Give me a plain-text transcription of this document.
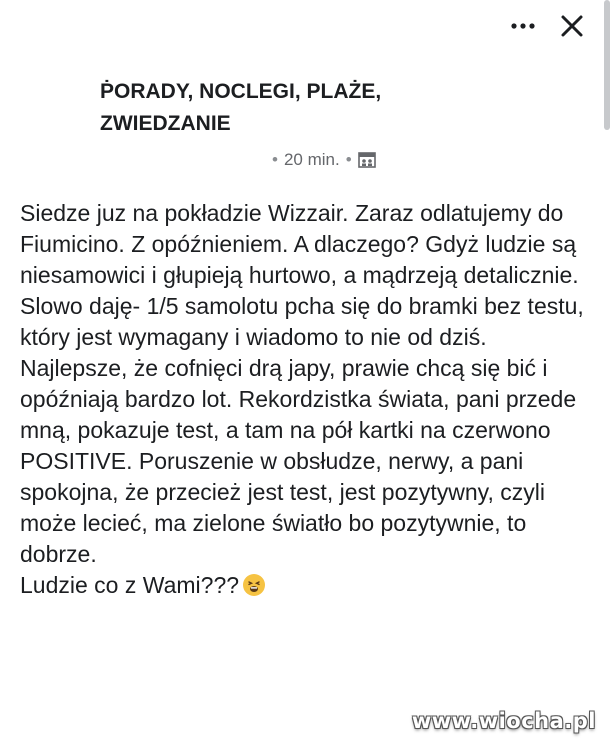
ṖORADY, NOCLEGI, PLAŻE, ZWIEDZANIE
• 20 min. •

Siedze juz na pokładzie Wizzair. Zaraz odlatujemy do Fiumicino. Z opóźnieniem. A dlaczego? Gdyż ludzie są niesamowici i głupieją hurtowo, a mądrzeją detalicznie. Slowo daję- 1/5 samolotu pcha się do bramki bez testu, który jest wymagany i wiadomo to nie od dziś. Najlepsze, że cofnięci drą japy, prawie chcą się bić i opóźniają bardzo lot. Rekordzistka świata, pani przede mną, pokazuje test, a tam na pół kartki na czerwono POSITIVE. Poruszenie w obsłudze, nerwy, a pani spokojna, że przecież jest test, jest pozytywny, czyli może lecieć, ma zielone światło bo pozytywnie, to dobrze.
Ludzie co z Wami???

www.wiocha.pl
